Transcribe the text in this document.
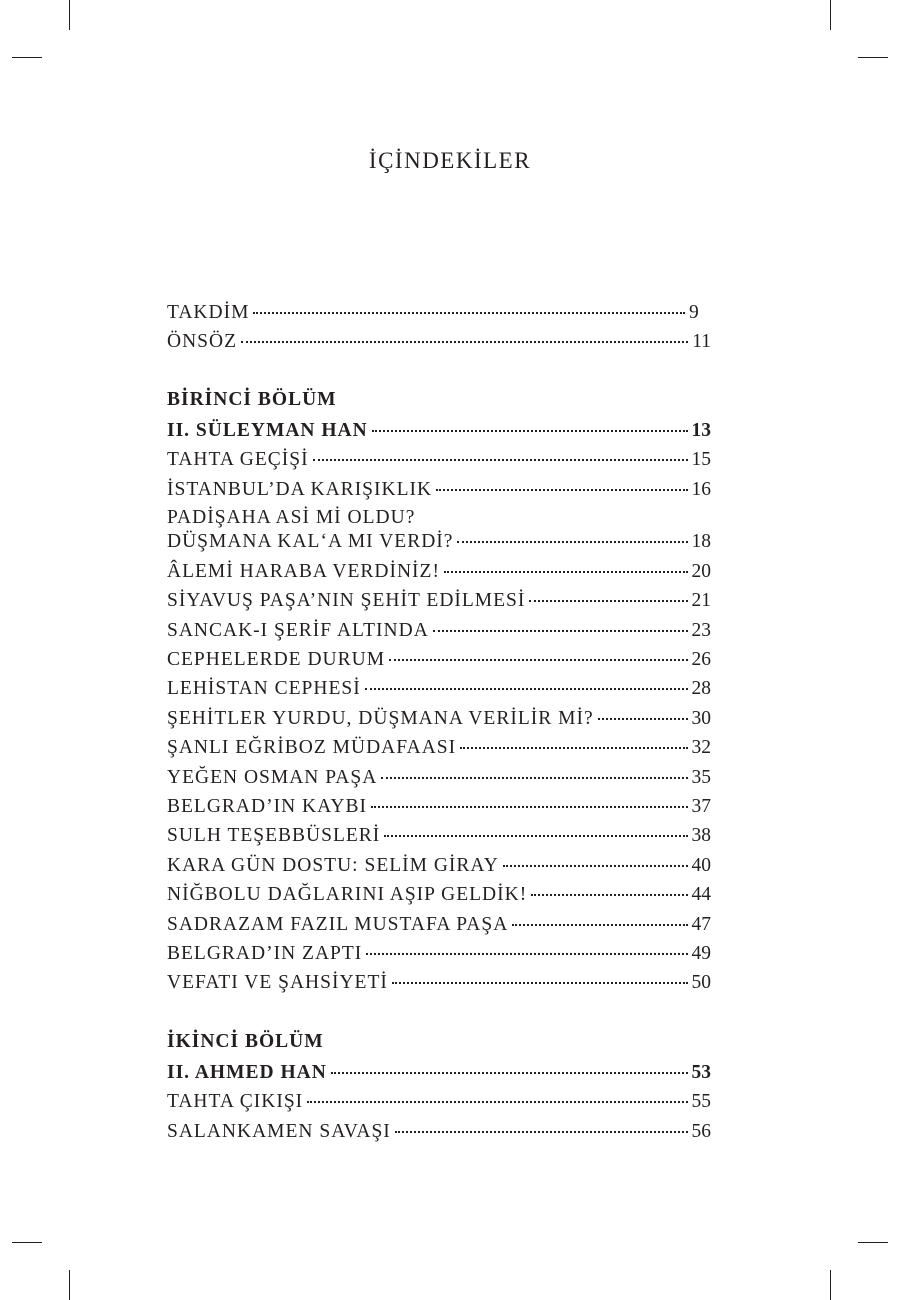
İÇİNDEKİLER
TAKDİM	9
ÖNSÖZ	11
BİRİNCİ BÖLÜM
II. SÜLEYMAN HAN	13
TAHTA GEÇİŞİ	15
İSTANBUL’DA KARIŞIKLIK	16
PADİŞAHA ASİ Mİ OLDU?
DÜŞMANA KAL‘A MI VERDİ?	18
ÂLEMİ HARABA VERDİNİZ!	20
SİYAVUŞ PAŞA’NIN ŞEHİT EDİLMESİ	21
SANCAK-I ŞERİF ALTINDA	23
CEPHELERDE DURUM	26
LEHİSTAN CEPHESİ	28
ŞEHİTLER YURDU, DÜŞMANA VERİLİR Mİ?	30
ŞANLI EĞRİBOZ MÜDAFAASI	32
YEĞEN OSMAN PAŞA	35
BELGRAD’IN KAYBI	37
SULH TEŞEBBÜSLERİ	38
KARA GÜN DOSTU: SELİM GİRAY	40
NİĞBOLU DAĞLARINI AŞIP GELDİK!	44
SADRAZAM FAZIL MUSTAFA PAŞA	47
BELGRAD’IN ZAPTI	49
VEFATI VE ŞAHSİYETİ	50
İKİNCİ BÖLÜM
II. AHMED HAN	53
TAHTA ÇIKIŞI	55
SALANKAMEN SAVAŞI	56
